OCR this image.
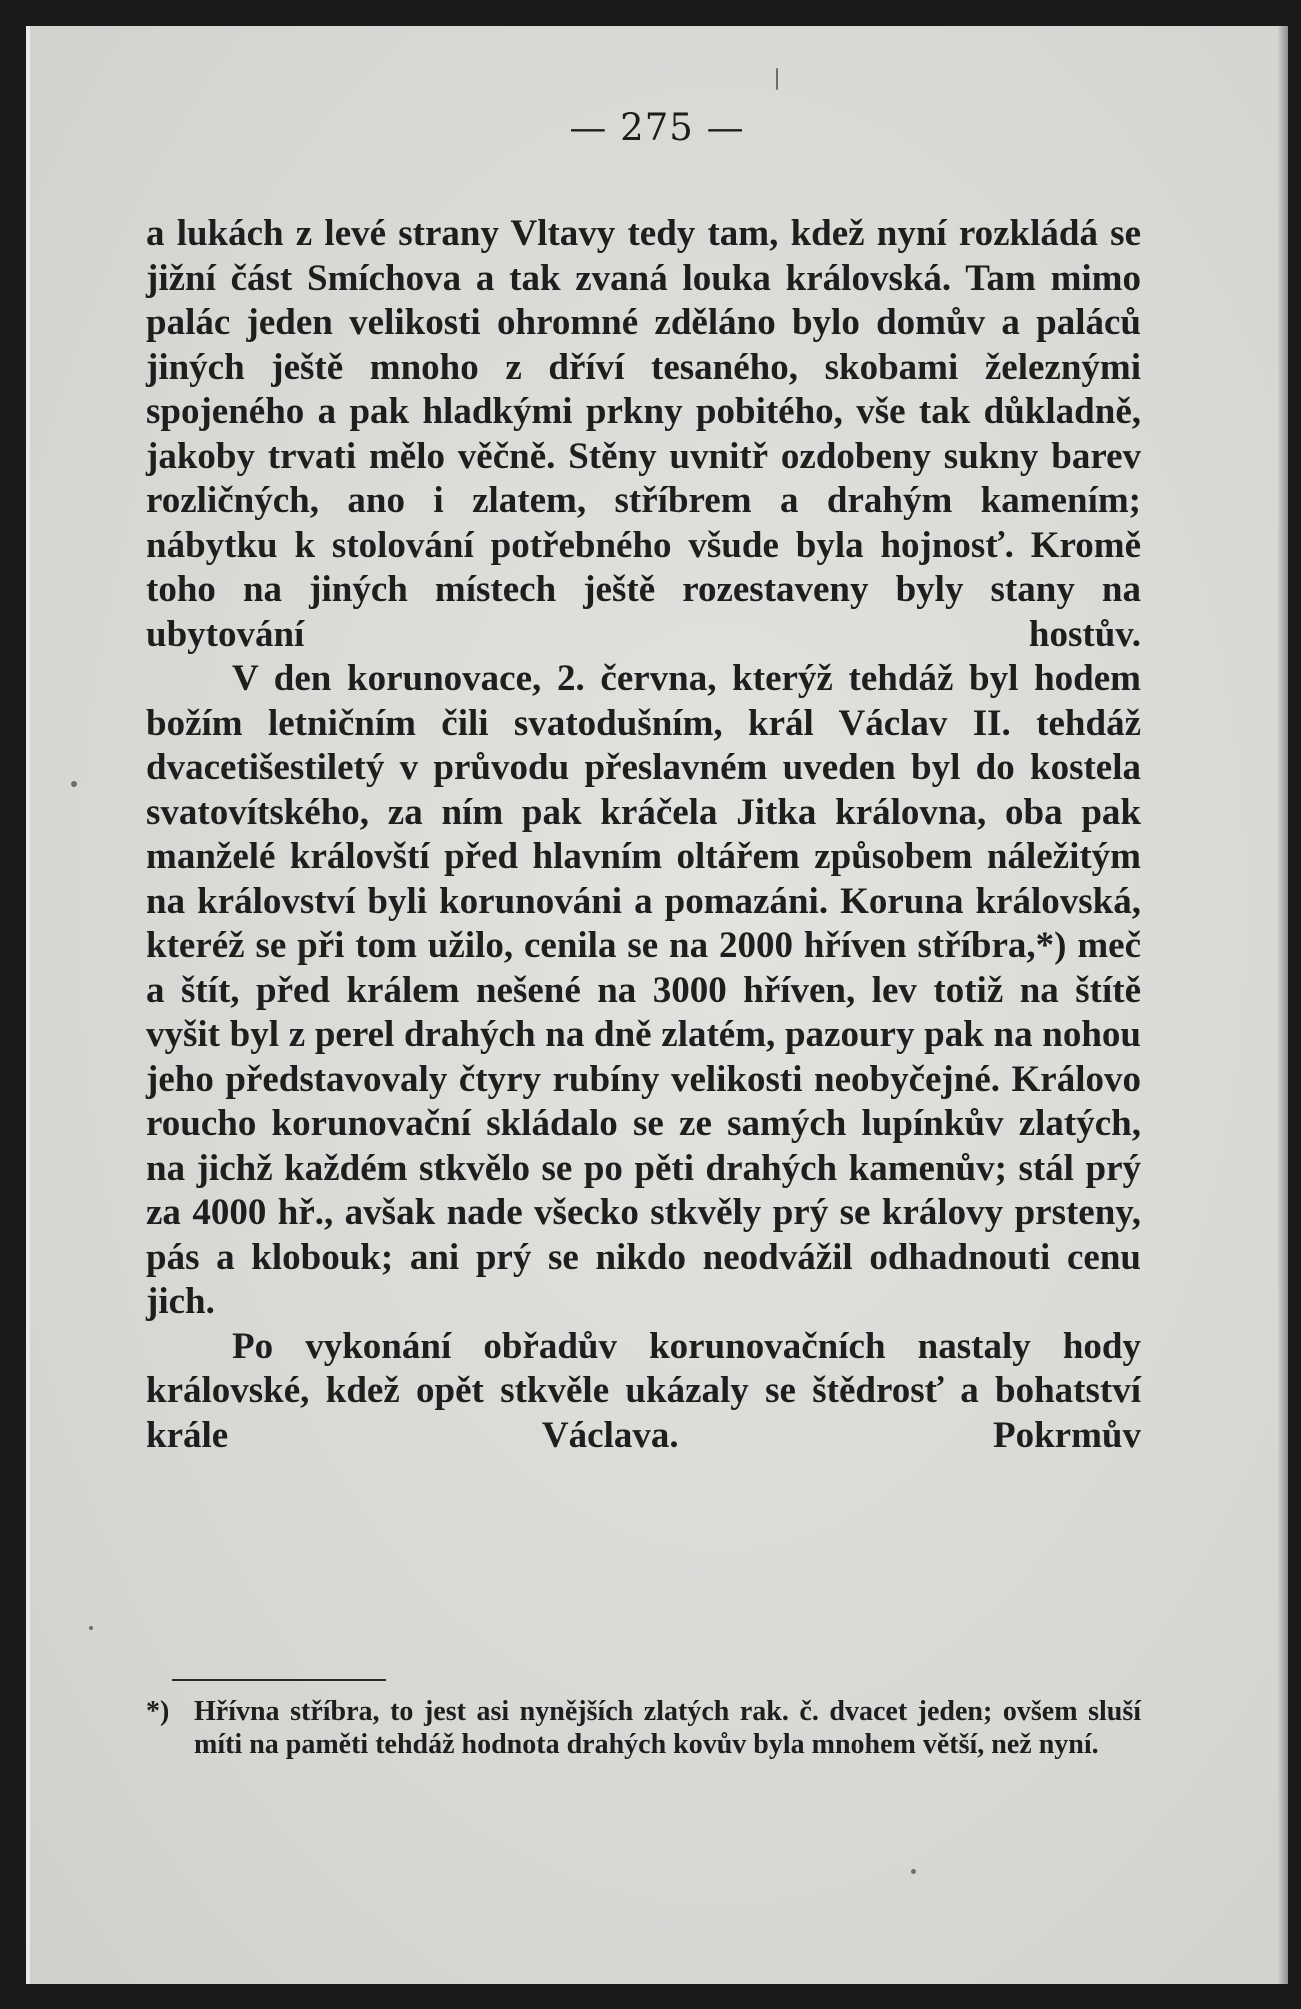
— 275 —

a lukách z levé strany Vltavy tedy tam, kdež nyní rozkládá se jižní část Smíchova a tak zvaná louka královská. Tam mimo palác jeden velikosti ohromné zděláno bylo domův a paláců jiných ještě mnoho z dříví tesaného, skobami železnými spojeného a pak hladkými prkny pobitého, vše tak důkladně, jakoby trvati mělo věčně. Stěny uvnitř ozdobeny sukny barev rozličných, ano i zlatem, stříbrem a drahým kamením; nábytku k stolování potřebného všude byla hojnosť. Kromě toho na jiných místech ještě rozestaveny byly stany na ubytování hostův.

V den korunovace, 2. června, kterýž tehdáž byl hodem božím letničním čili svatodušním, král Václav II. tehdáž dvacetišestiletý v průvodu přeslavném uveden byl do kostela svatovítského, za ním pak kráčela Jitka královna, oba pak manželé královští před hlavním oltářem způsobem náležitým na království byli korunováni a pomazáni. Koruna královská, kteréž se při tom užilo, cenila se na 2000 hříven stříbra,*) meč a štít, před králem nešené na 3000 hříven, lev totiž na štítě vyšit byl z perel drahých na dně zlatém, pazoury pak na nohou jeho představovaly čtyry rubíny velikosti neobyčejné. Královo roucho korunovační skládalo se ze samých lupínkův zlatých, na jichž každém stkvělo se po pěti drahých kamenův; stál prý za 4000 hř., avšak nade všecko stkvěly prý se královy prsteny, pás a klobouk; ani prý se nikdo neodvážil odhadnouti cenu jich.

Po vykonání obřadův korunovačních nastaly hody královské, kdež opět stkvěle ukázaly se štědrosť a bohatství krále Václava. Pokrmův

*) Hřívna stříbra, to jest asi nynějších zlatých rak. č. dvacet jeden; ovšem sluší míti na paměti tehdáž hodnota drahých kovův byla mnohem větší, než nyní.
